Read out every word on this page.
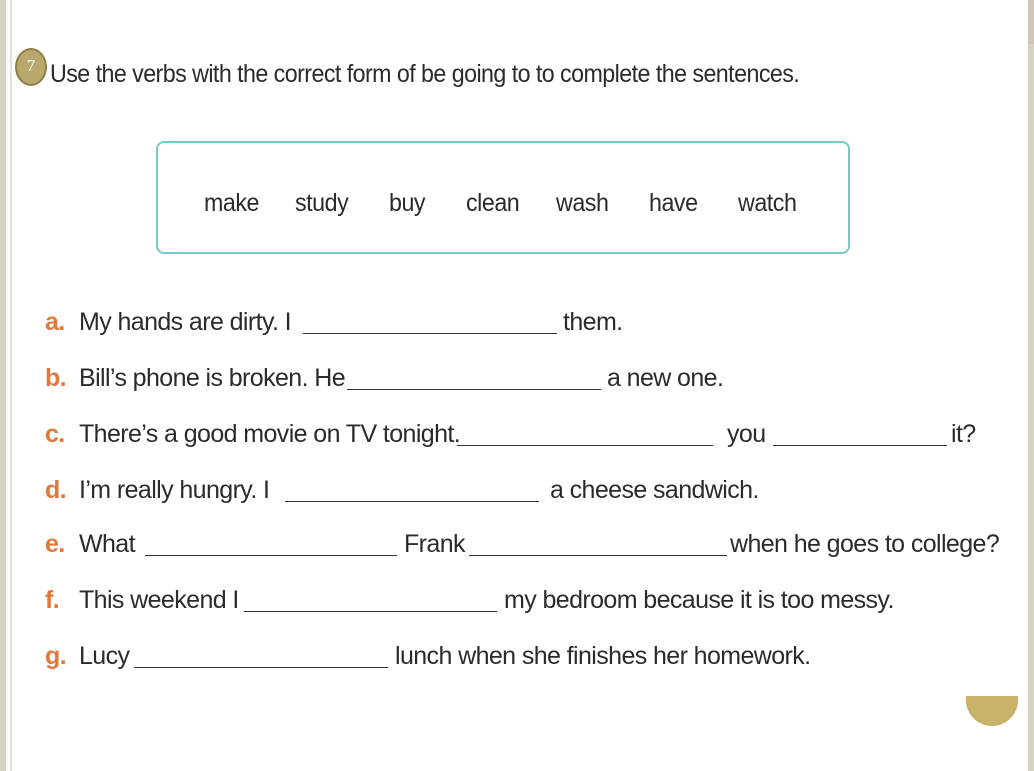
7 Use the verbs with the correct form of be going to to complete the sentences.
make study buy clean wash have watch
a. My hands are dirty. I	them.
b. Bill’s phone is broken. He	a new one.
c. There’s a good movie on TV tonight.	you	it?
d. I’m really hungry. I	a cheese sandwich.
e. What	Frank	when he goes to college?
f. This weekend I	my bedroom because it is too messy.
g. Lucy	lunch when she finishes her homework.
